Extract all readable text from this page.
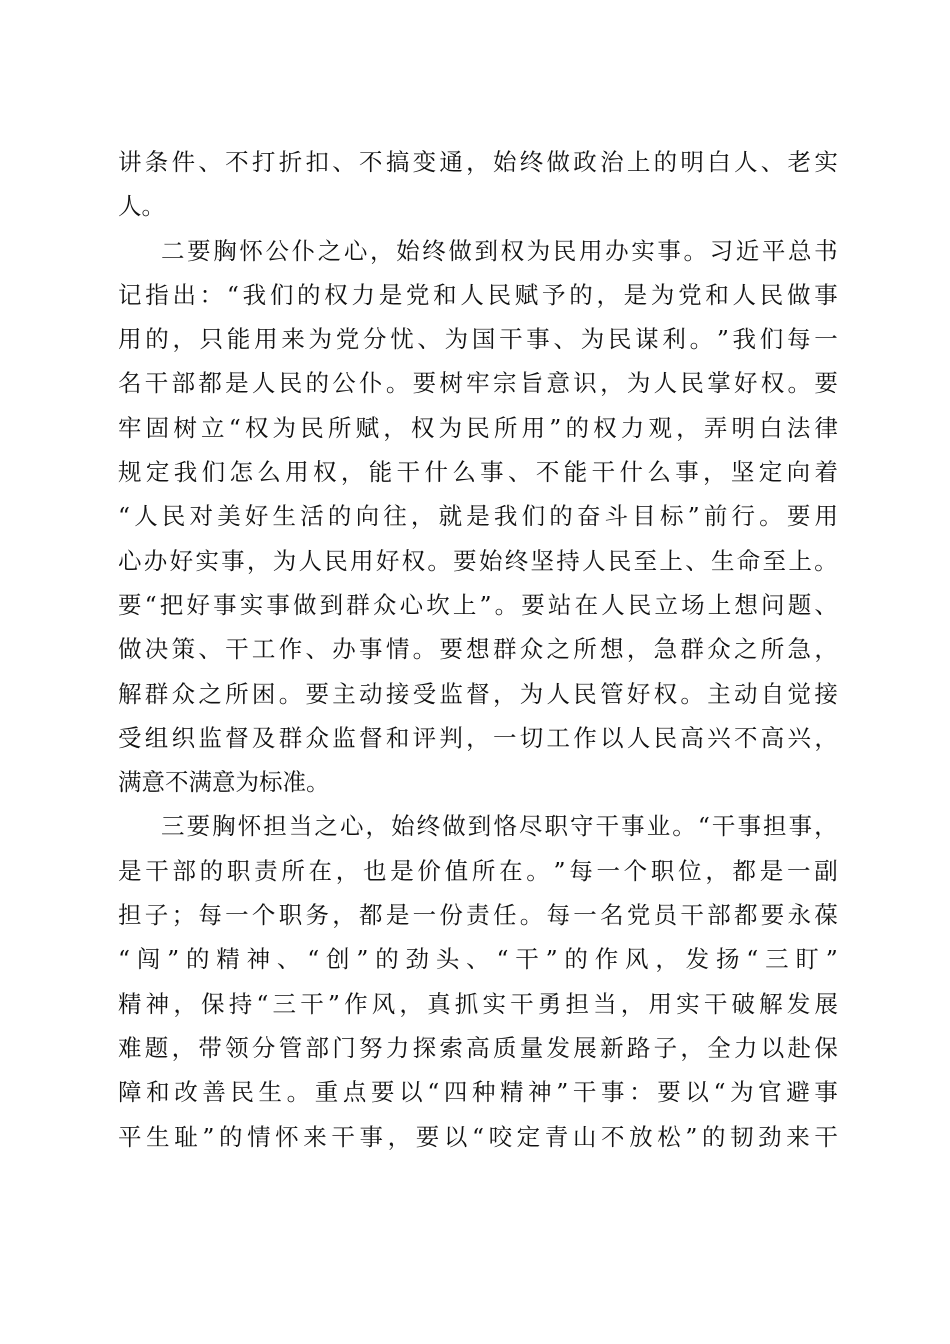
讲 条 件 、 不 打 折 扣 、 不 搞 变 通 ， 始 终 做 政 治 上 的 明 白 人 、 老 实
人。
二 要 胸 怀 公 仆 之 心 ， 始 终 做 到 权 为 民 用 办 实 事 。 习 近 平 总 书
记 指 出 ： “ 我 们 的 权 力 是 党 和 人 民 赋 予 的 ， 是 为 党 和 人 民 做 事
用 的 ， 只 能 用 来 为 党 分 忧 、 为 国 干 事 、 为 民 谋 利 。 ” 我 们 每 一
名 干 部 都 是 人 民 的 公 仆 。 要 树 牢 宗 旨 意 识 ， 为 人 民 掌 好 权 。 要
牢 固 树 立 “ 权 为 民 所 赋 ， 权 为 民 所 用 ” 的 权 力 观 ， 弄 明 白 法 律
规 定 我 们 怎 么 用 权 ， 能 干 什 么 事 、 不 能 干 什 么 事 ， 坚 定 向 着
“ 人 民 对 美 好 生 活 的 向 往 ， 就 是 我 们 的 奋 斗 目 标 ” 前 行 。 要 用
心 办 好 实 事 ， 为 人 民 用 好 权 。 要 始 终 坚 持 人 民 至 上 、 生 命 至 上 。
要 “ 把 好 事 实 事 做 到 群 众 心 坎 上 ” 。 要 站 在 人 民 立 场 上 想 问 题 、
做 决 策 、 干 工 作 、 办 事 情 。 要 想 群 众 之 所 想 ， 急 群 众 之 所 急 ，
解 群 众 之 所 困 。 要 主 动 接 受 监 督 ， 为 人 民 管 好 权 。 主 动 自 觉 接
受 组 织 监 督 及 群 众 监 督 和 评 判 ， 一 切 工 作 以 人 民 高 兴 不 高 兴 ，
满意不满意为标准。
三 要 胸 怀 担 当 之 心 ， 始 终 做 到 恪 尽 职 守 干 事 业 。 “ 干 事 担 事 ，
是 干 部 的 职 责 所 在 ， 也 是 价 值 所 在 。 ” 每 一 个 职 位 ， 都 是 一 副
担 子 ； 每 一 个 职 务 ， 都 是 一 份 责 任 。 每 一 名 党 员 干 部 都 要 永 葆
“ 闯 ” 的 精 神 、 “ 创 ” 的 劲 头 、 “ 干 ” 的 作 风 ， 发 扬 “ 三 盯 ”
精 神 ， 保 持 “ 三 干 ” 作 风 ， 真 抓 实 干 勇 担 当 ， 用 实 干 破 解 发 展
难 题 ， 带 领 分 管 部 门 努 力 探 索 高 质 量 发 展 新 路 子 ， 全 力 以 赴 保
障 和 改 善 民 生 。 重 点 要 以 “ 四 种 精 神 ” 干 事 ： 要 以 “ 为 官 避 事
平 生 耻 ” 的 情 怀 来 干 事 ， 要 以 “ 咬 定 青 山 不 放 松 ” 的 韧 劲 来 干
